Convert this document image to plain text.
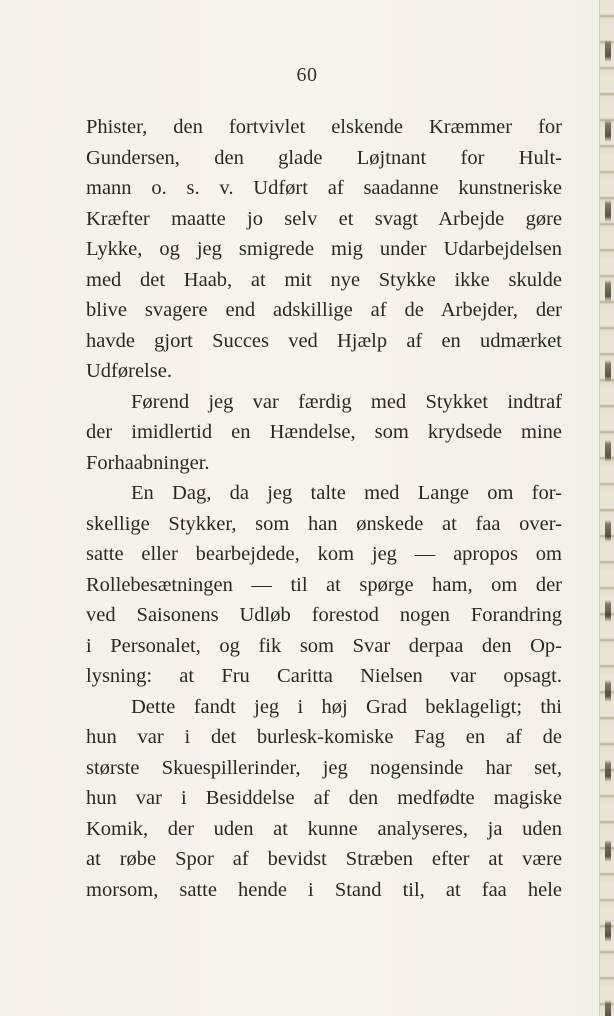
60
Phister, den fortvivlet elskende Kræmmer for
Gundersen, den glade Løjtnant for Hult-
mann o. s. v. Udført af saadanne kunstneriske
Kræfter maatte jo selv et svagt Arbejde gøre
Lykke, og jeg smigrede mig under Udarbejdelsen
med det Haab, at mit nye Stykke ikke skulde
blive svagere end adskillige af de Arbejder, der
havde gjort Succes ved Hjælp af en udmærket
Udførelse.
Førend jeg var færdig med Stykket indtraf
der imidlertid en Hændelse, som krydsede mine
Forhaabninger.
En Dag, da jeg talte med Lange om for-
skellige Stykker, som han ønskede at faa over-
satte eller bearbejdede, kom jeg — apropos om
Rollebesætningen — til at spørge ham, om der
ved Saisonens Udløb forestod nogen Forandring
i Personalet, og fik som Svar derpaa den Op-
lysning: at Fru Caritta Nielsen var opsagt.
Dette fandt jeg i høj Grad beklageligt; thi
hun var i det burlesk-komiske Fag en af de
største Skuespillerinder, jeg nogensinde har set,
hun var i Besiddelse af den medfødte magiske
Komik, der uden at kunne analyseres, ja uden
at røbe Spor af bevidst Stræben efter at være
morsom, satte hende i Stand til, at faa hele
